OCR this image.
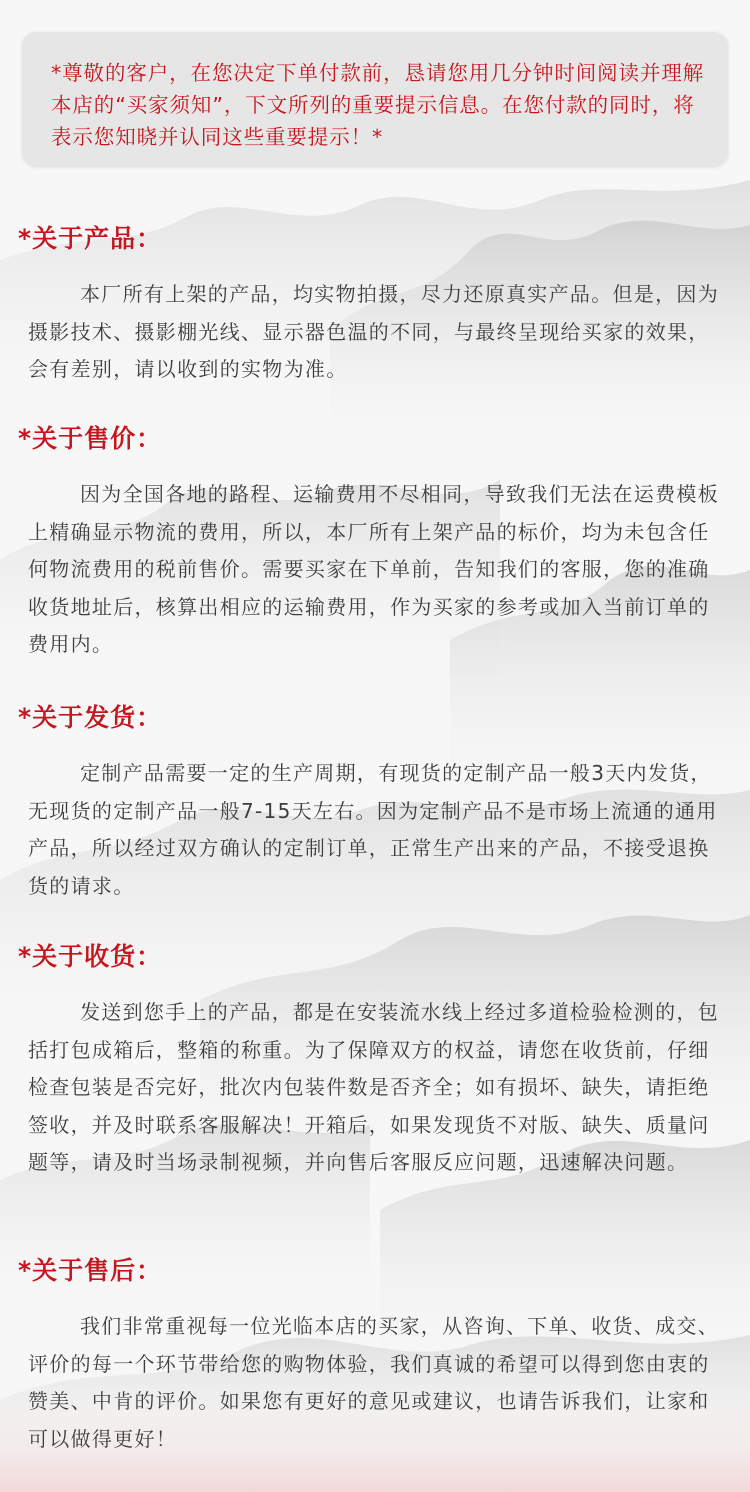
*尊敬的客户，在您决定下单付款前，恳请您用几分钟时间阅读并理解本店的“买家须知”，下文所列的重要提示信息。在您付款的同时，将表示您知晓并认同这些重要提示！*

*关于产品：

本厂所有上架的产品，均实物拍摄，尽力还原真实产品。但是，因为摄影技术、摄影棚光线、显示器色温的不同，与最终呈现给买家的效果，会有差别，请以收到的实物为准。

*关于售价：

因为全国各地的路程、运输费用不尽相同，导致我们无法在运费模板上精确显示物流的费用，所以，本厂所有上架产品的标价，均为未包含任何物流费用的税前售价。需要买家在下单前，告知我们的客服，您的准确收货地址后，核算出相应的运输费用，作为买家的参考或加入当前订单的费用内。

*关于发货：

定制产品需要一定的生产周期，有现货的定制产品一般3天内发货，无现货的定制产品一般7-15天左右。因为定制产品不是市场上流通的通用产品，所以经过双方确认的定制订单，正常生产出来的产品，不接受退换货的请求。

*关于收货：

发送到您手上的产品，都是在安装流水线上经过多道检验检测的，包括打包成箱后，整箱的称重。为了保障双方的权益，请您在收货前，仔细检查包装是否完好，批次内包装件数是否齐全；如有损坏、缺失，请拒绝签收，并及时联系客服解决！开箱后，如果发现货不对版、缺失、质量问题等，请及时当场录制视频，并向售后客服反应问题，迅速解决问题。

*关于售后：

我们非常重视每一位光临本店的买家，从咨询、下单、收货、成交、评价的每一个环节带给您的购物体验，我们真诚的希望可以得到您由衷的赞美、中肯的评价。如果您有更好的意见或建议，也请告诉我们，让家和可以做得更好！
